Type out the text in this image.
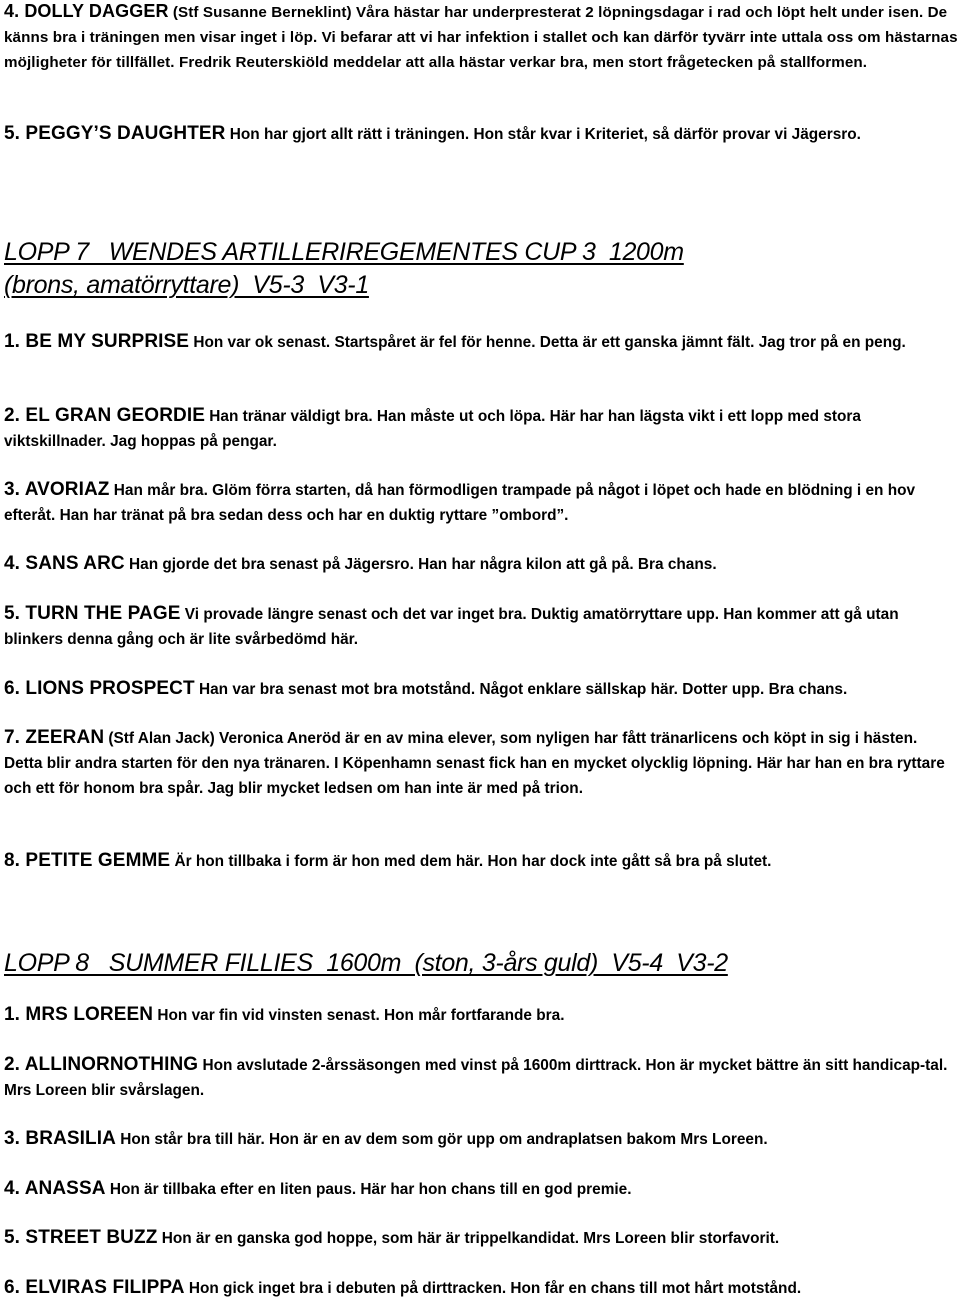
4. DOLLY DAGGER (Stf Susanne Berneklint) Våra hästar har underpresterat 2 löpningsdagar i rad och löpt helt under isen. De känns bra i träningen men visar inget i löp. Vi befarar att vi har infektion i stallet och kan därför tyvärr inte uttala oss om hästarnas möjligheter för tillfället. Fredrik Reuterskiöld meddelar att alla hästar verkar bra, men stort frågetecken på stallformen.
5. PEGGY’S DAUGHTER Hon har gjort allt rätt i träningen. Hon står kvar i Kriteriet, så därför provar vi Jägersro.
LOPP 7   WENDES ARTILLERIREGEMENTES CUP 3  1200m
(brons, amatörryttare)  V5-3  V3-1
1. BE MY SURPRISE Hon var ok senast. Startspåret är fel för henne. Detta är ett ganska jämnt fält. Jag tror på en peng.
2. EL GRAN GEORDIE Han tränar väldigt bra. Han måste ut och löpa. Här har han lägsta vikt i ett lopp med stora viktskillnader. Jag hoppas på pengar.
3. AVORIAZ Han mår bra. Glöm förra starten, då han förmodligen trampade på något i löpet och hade en blödning i en hov efteråt. Han har tränat på bra sedan dess och har en duktig ryttare ”ombord”.
4. SANS ARC Han gjorde det bra senast på Jägersro. Han har några kilon att gå på. Bra chans.
5. TURN THE PAGE Vi provade längre senast och det var inget bra. Duktig amatörryttare upp. Han kommer att gå utan blinkers denna gång och är lite svårbedömd här.
6. LIONS PROSPECT Han var bra senast mot bra motstånd. Något enklare sällskap här. Dotter upp. Bra chans.
7. ZEERAN (Stf Alan Jack) Veronica Aneröd är en av mina elever, som nyligen har fått tränarlicens och köpt in sig i hästen. Detta blir andra starten för den nya tränaren. I Köpenhamn senast fick han en mycket olycklig löpning. Här har han en bra ryttare och ett för honom bra spår. Jag blir mycket ledsen om han inte är med på trion.
8. PETITE GEMME Är hon tillbaka i form är hon med dem här. Hon har dock inte gått så bra på slutet.
LOPP 8   SUMMER FILLIES  1600m  (ston, 3-års guld)  V5-4  V3-2
1. MRS LOREEN Hon var fin vid vinsten senast. Hon mår fortfarande bra.
2. ALLINORNOTHING Hon avslutade 2-årssäsongen med vinst på 1600m dirttrack. Hon är mycket bättre än sitt handicap-tal. Mrs Loreen blir svårslagen.
3. BRASILIA Hon står bra till här. Hon är en av dem som gör upp om andraplatsen bakom Mrs Loreen.
4. ANASSA Hon är tillbaka efter en liten paus. Här har hon chans till en god premie.
5. STREET BUZZ Hon är en ganska god hoppe, som här är trippelkandidat. Mrs Loreen blir storfavorit.
6. ELVIRAS FILIPPA Hon gick inget bra i debuten på dirttracken. Hon får en chans till mot hårt motstånd.
